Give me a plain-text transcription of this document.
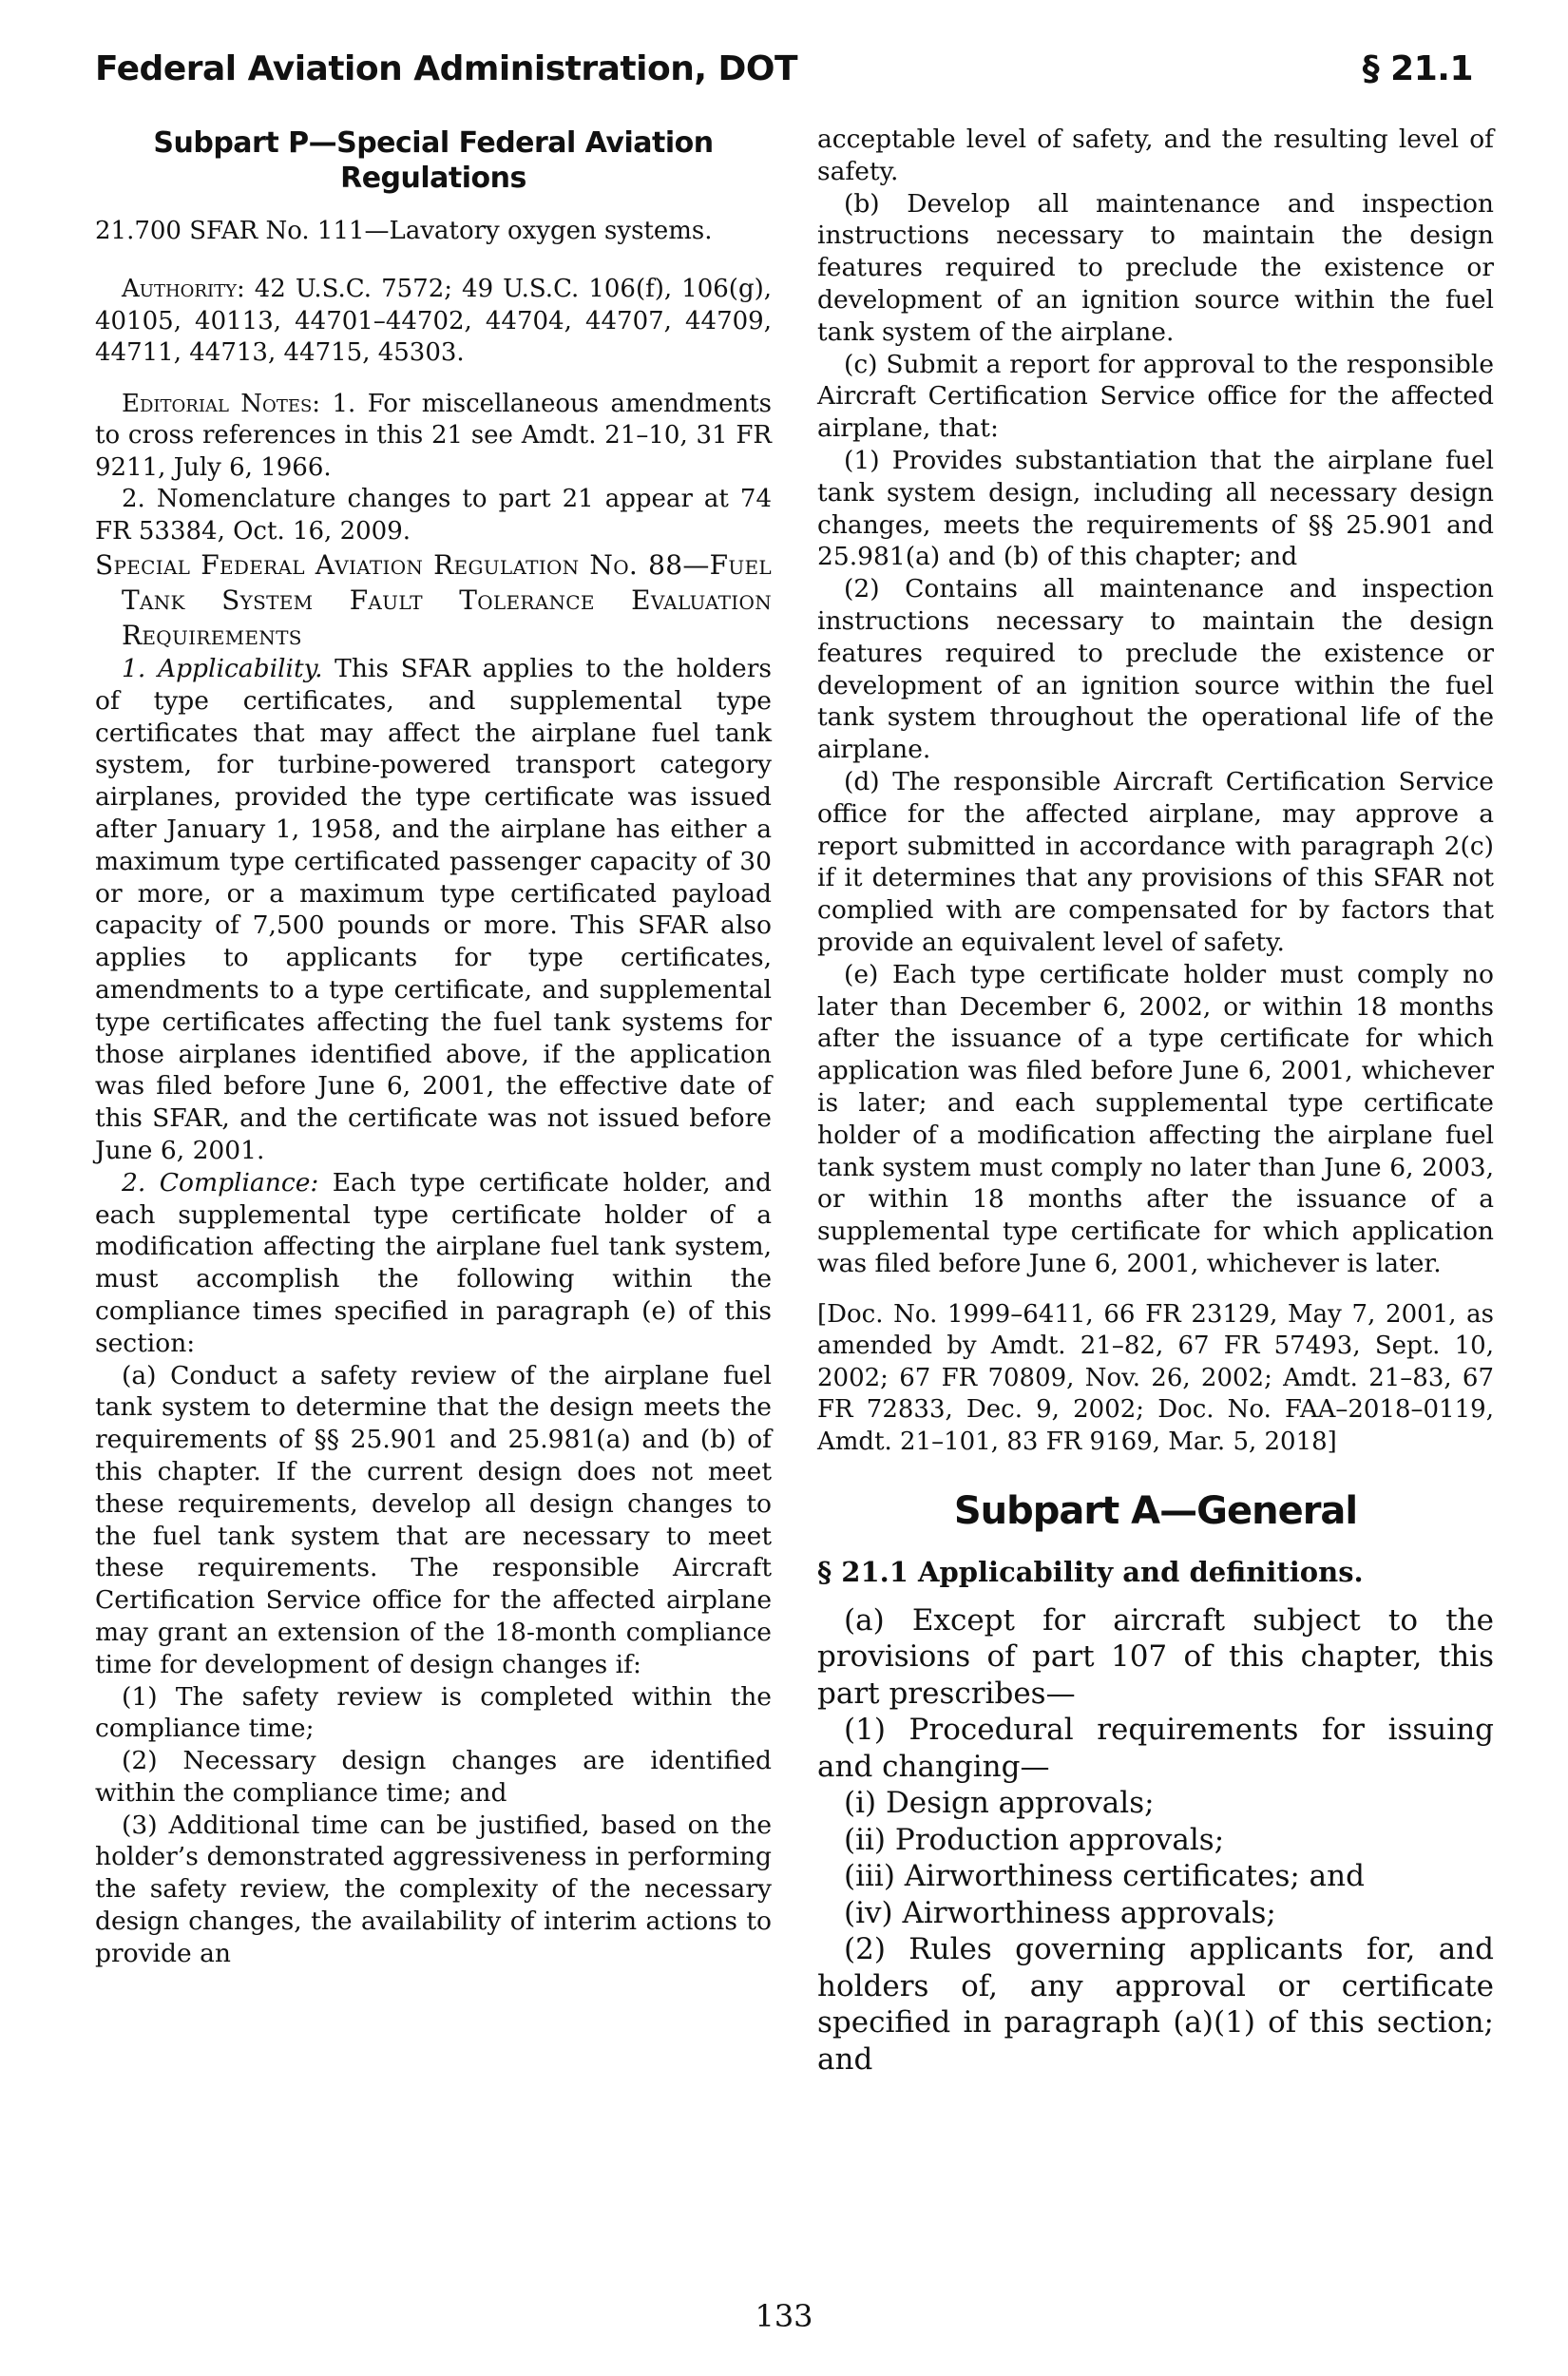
Federal Aviation Administration, DOT	§ 21.1
Subpart P—Special Federal Aviation Regulations

21.700 SFAR No. 111—Lavatory oxygen systems.

Authority: 42 U.S.C. 7572; 49 U.S.C. 106(f), 106(g), 40105, 40113, 44701–44702, 44704, 44707, 44709, 44711, 44713, 44715, 45303.

Editorial Notes: 1. For miscellaneous amendments to cross references in this 21 see Amdt. 21–10, 31 FR 9211, July 6, 1966.

2. Nomenclature changes to part 21 appear at 74 FR 53384, Oct. 16, 2009.

Special Federal Aviation Regulation No. 88—Fuel Tank System Fault Tolerance Evaluation Requirements

1. Applicability. This SFAR applies to the holders of type certificates, and supplemental type certificates that may affect the airplane fuel tank system, for turbine-powered transport category airplanes, provided the type certificate was issued after January 1, 1958, and the airplane has either a maximum type certificated passenger capacity of 30 or more, or a maximum type certificated payload capacity of 7,500 pounds or more. This SFAR also applies to applicants for type certificates, amendments to a type certificate, and supplemental type certificates affecting the fuel tank systems for those airplanes identified above, if the application was filed before June 6, 2001, the effective date of this SFAR, and the certificate was not issued before June 6, 2001.

2. Compliance: Each type certificate holder, and each supplemental type certificate holder of a modification affecting the airplane fuel tank system, must accomplish the following within the compliance times specified in paragraph (e) of this section:

(a) Conduct a safety review of the airplane fuel tank system to determine that the design meets the requirements of §§ 25.901 and 25.981(a) and (b) of this chapter. If the current design does not meet these requirements, develop all design changes to the fuel tank system that are necessary to meet these requirements. The responsible Aircraft Certification Service office for the affected airplane may grant an extension of the 18-month compliance time for development of design changes if:

(1) The safety review is completed within the compliance time;

(2) Necessary design changes are identified within the compliance time; and

(3) Additional time can be justified, based on the holder’s demonstrated aggressiveness in performing the safety review, the complexity of the necessary design changes, the availability of interim actions to provide an

acceptable level of safety, and the resulting level of safety.

(b) Develop all maintenance and inspection instructions necessary to maintain the design features required to preclude the existence or development of an ignition source within the fuel tank system of the airplane.

(c) Submit a report for approval to the responsible Aircraft Certification Service office for the affected airplane, that:

(1) Provides substantiation that the airplane fuel tank system design, including all necessary design changes, meets the requirements of §§ 25.901 and 25.981(a) and (b) of this chapter; and

(2) Contains all maintenance and inspection instructions necessary to maintain the design features required to preclude the existence or development of an ignition source within the fuel tank system throughout the operational life of the airplane.

(d) The responsible Aircraft Certification Service office for the affected airplane, may approve a report submitted in accordance with paragraph 2(c) if it determines that any provisions of this SFAR not complied with are compensated for by factors that provide an equivalent level of safety.

(e) Each type certificate holder must comply no later than December 6, 2002, or within 18 months after the issuance of a type certificate for which application was filed before June 6, 2001, whichever is later; and each supplemental type certificate holder of a modification affecting the airplane fuel tank system must comply no later than June 6, 2003, or within 18 months after the issuance of a supplemental type certificate for which application was filed before June 6, 2001, whichever is later.

[Doc. No. 1999–6411, 66 FR 23129, May 7, 2001, as amended by Amdt. 21–82, 67 FR 57493, Sept. 10, 2002; 67 FR 70809, Nov. 26, 2002; Amdt. 21–83, 67 FR 72833, Dec. 9, 2002; Doc. No. FAA–2018–0119, Amdt. 21–101, 83 FR 9169, Mar. 5, 2018]

Subpart A—General

§ 21.1 Applicability and definitions.

(a) Except for aircraft subject to the provisions of part 107 of this chapter, this part prescribes—

(1) Procedural requirements for issuing and changing—

(i) Design approvals;

(ii) Production approvals;

(iii) Airworthiness certificates; and

(iv) Airworthiness approvals;

(2) Rules governing applicants for, and holders of, any approval or certificate specified in paragraph (a)(1) of this section; and

133
